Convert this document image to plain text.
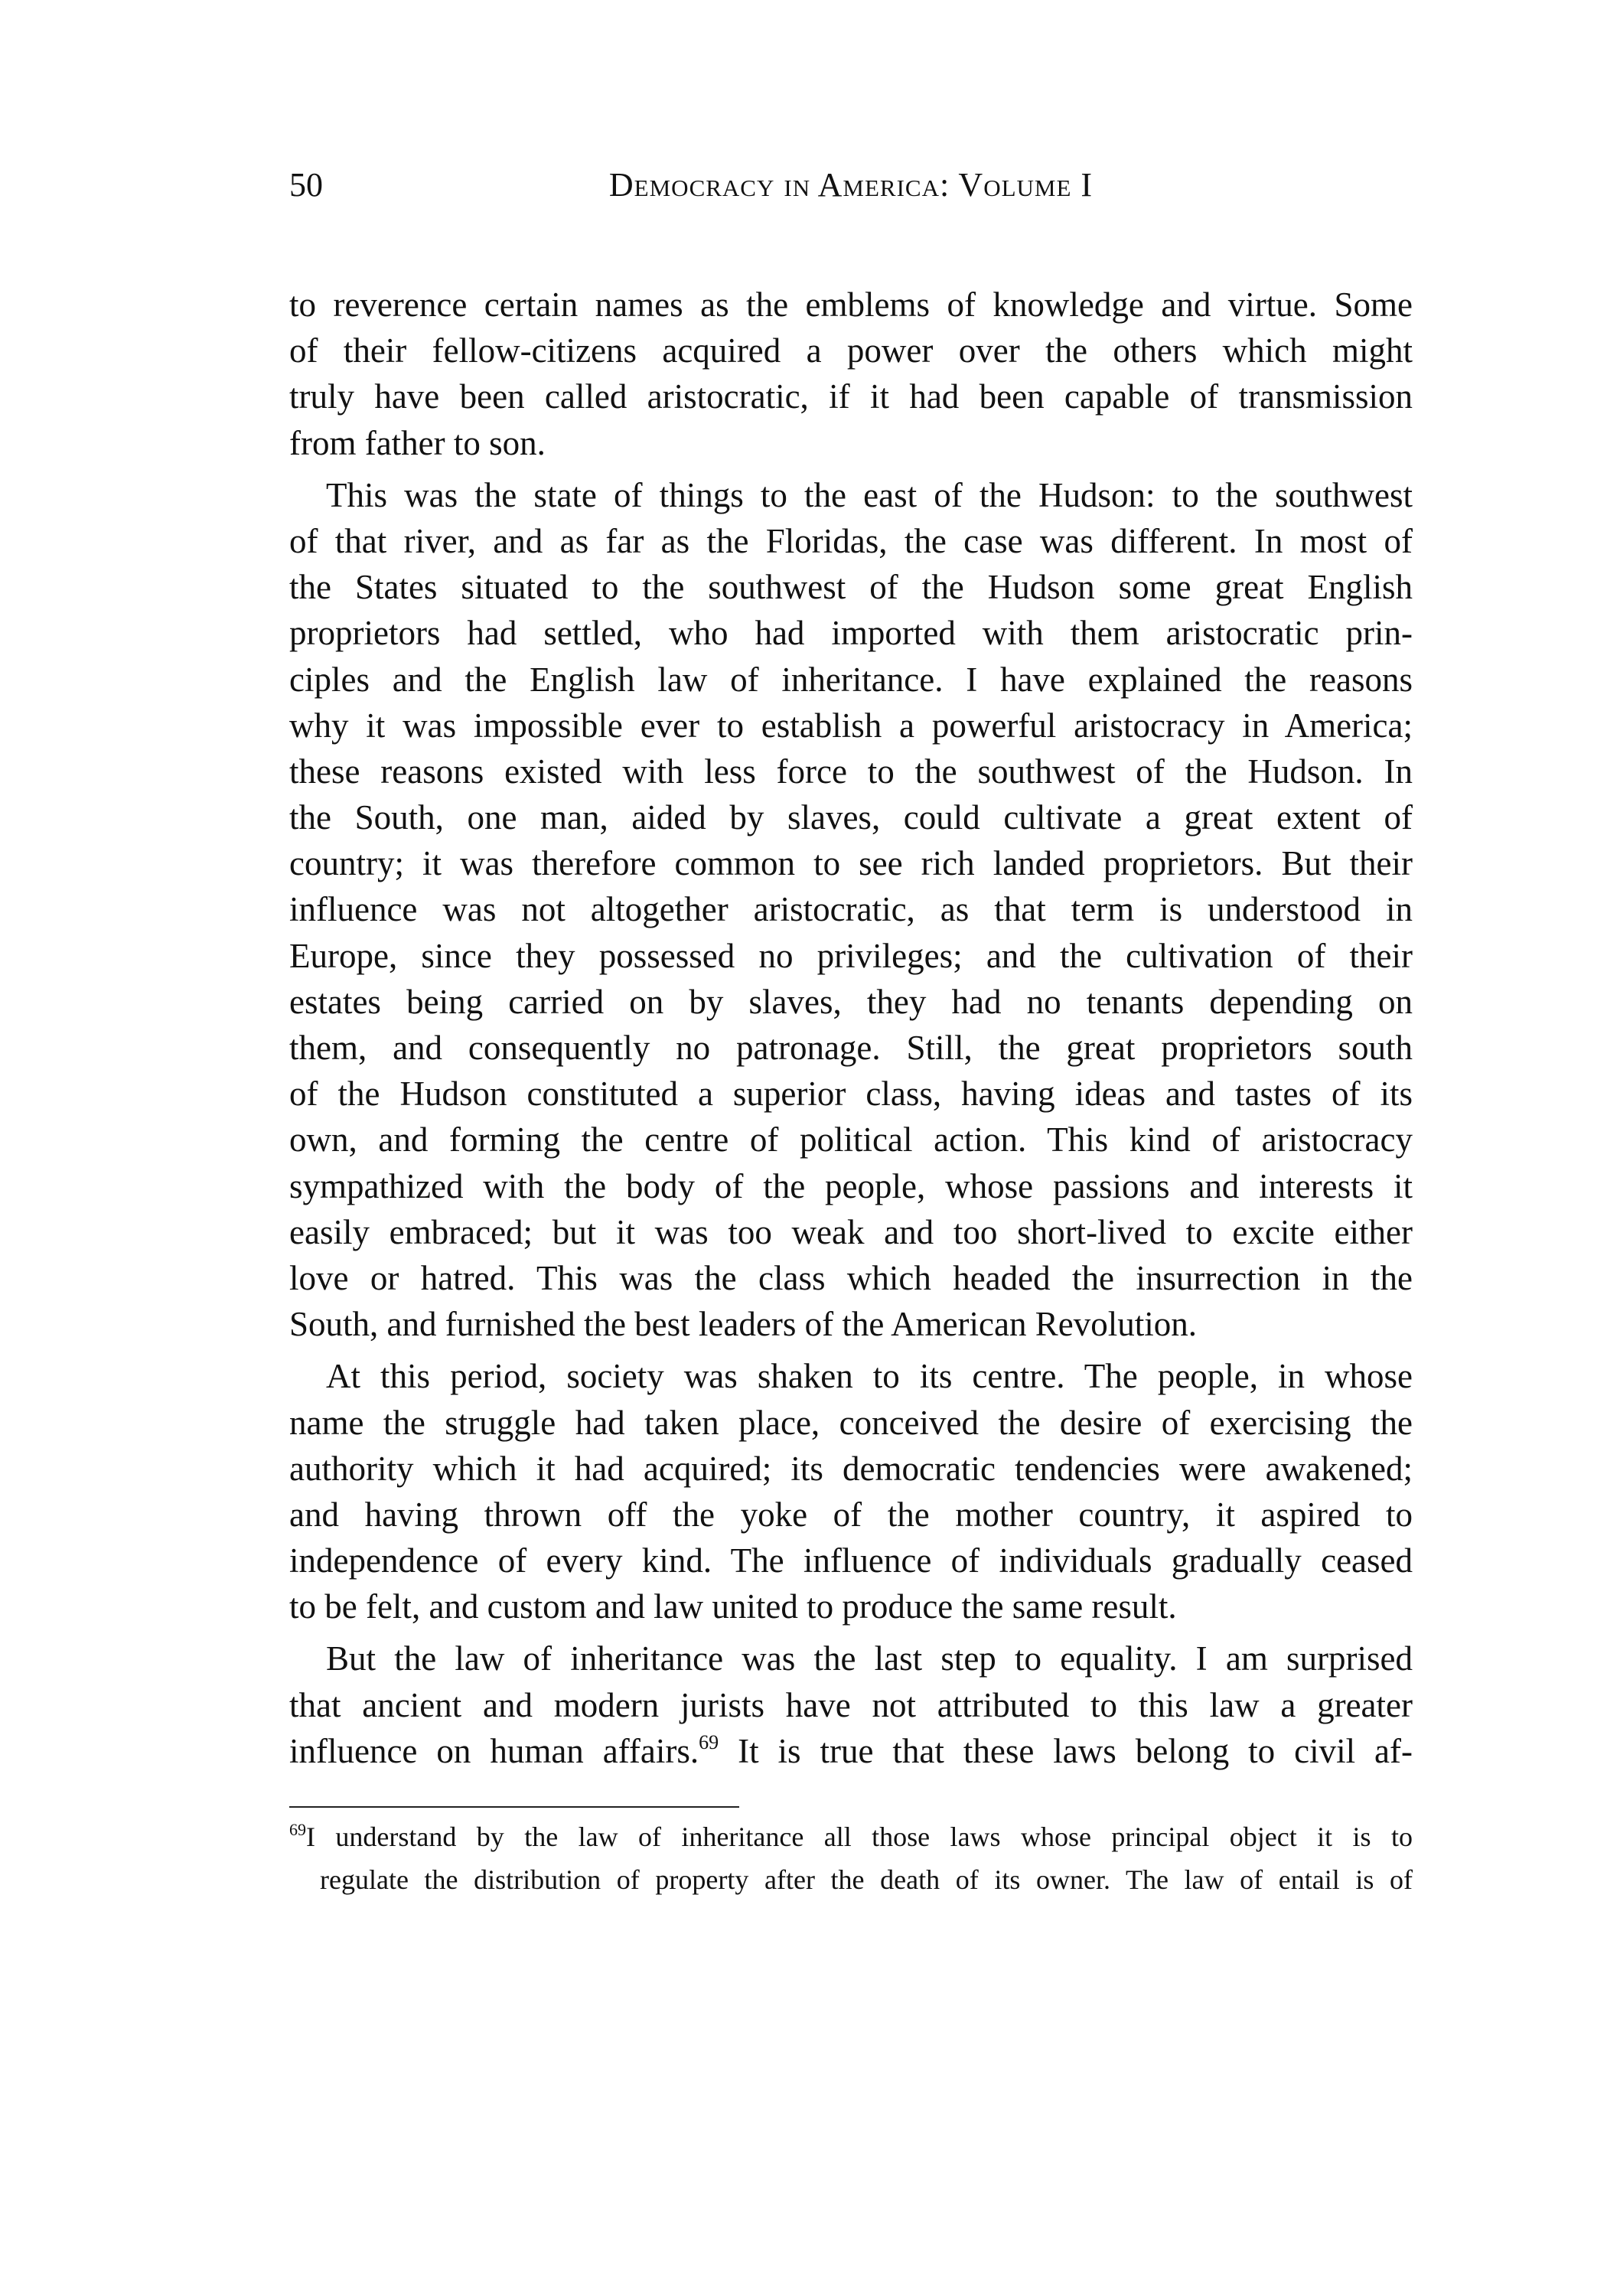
50	Democracy in America: Volume I
to reverence certain names as the emblems of knowledge and virtue. Some
of their fellow-citizens acquired a power over the others which might
truly have been called aristocratic, if it had been capable of transmission
from father to son.
This was the state of things to the east of the Hudson: to the southwest
of that river, and as far as the Floridas, the case was different. In most of
the States situated to the southwest of the Hudson some great English
proprietors had settled, who had imported with them aristocratic prin-
ciples and the English law of inheritance. I have explained the reasons
why it was impossible ever to establish a powerful aristocracy in America;
these reasons existed with less force to the southwest of the Hudson. In
the South, one man, aided by slaves, could cultivate a great extent of
country; it was therefore common to see rich landed proprietors. But their
influence was not altogether aristocratic, as that term is understood in
Europe, since they possessed no privileges; and the cultivation of their
estates being carried on by slaves, they had no tenants depending on
them, and consequently no patronage. Still, the great proprietors south
of the Hudson constituted a superior class, having ideas and tastes of its
own, and forming the centre of political action. This kind of aristocracy
sympathized with the body of the people, whose passions and interests it
easily embraced; but it was too weak and too short-lived to excite either
love or hatred. This was the class which headed the insurrection in the
South, and furnished the best leaders of the American Revolution.
At this period, society was shaken to its centre. The people, in whose
name the struggle had taken place, conceived the desire of exercising the
authority which it had acquired; its democratic tendencies were awakened;
and having thrown off the yoke of the mother country, it aspired to
independence of every kind. The influence of individuals gradually ceased
to be felt, and custom and law united to produce the same result.
But the law of inheritance was the last step to equality. I am surprised
that ancient and modern jurists have not attributed to this law a greater
influence on human affairs.$^{69}$ It is true that these laws belong to civil af-
$^{69}$I understand by the law of inheritance all those laws whose principal object it is to
regulate the distribution of property after the death of its owner. The law of entail is of
